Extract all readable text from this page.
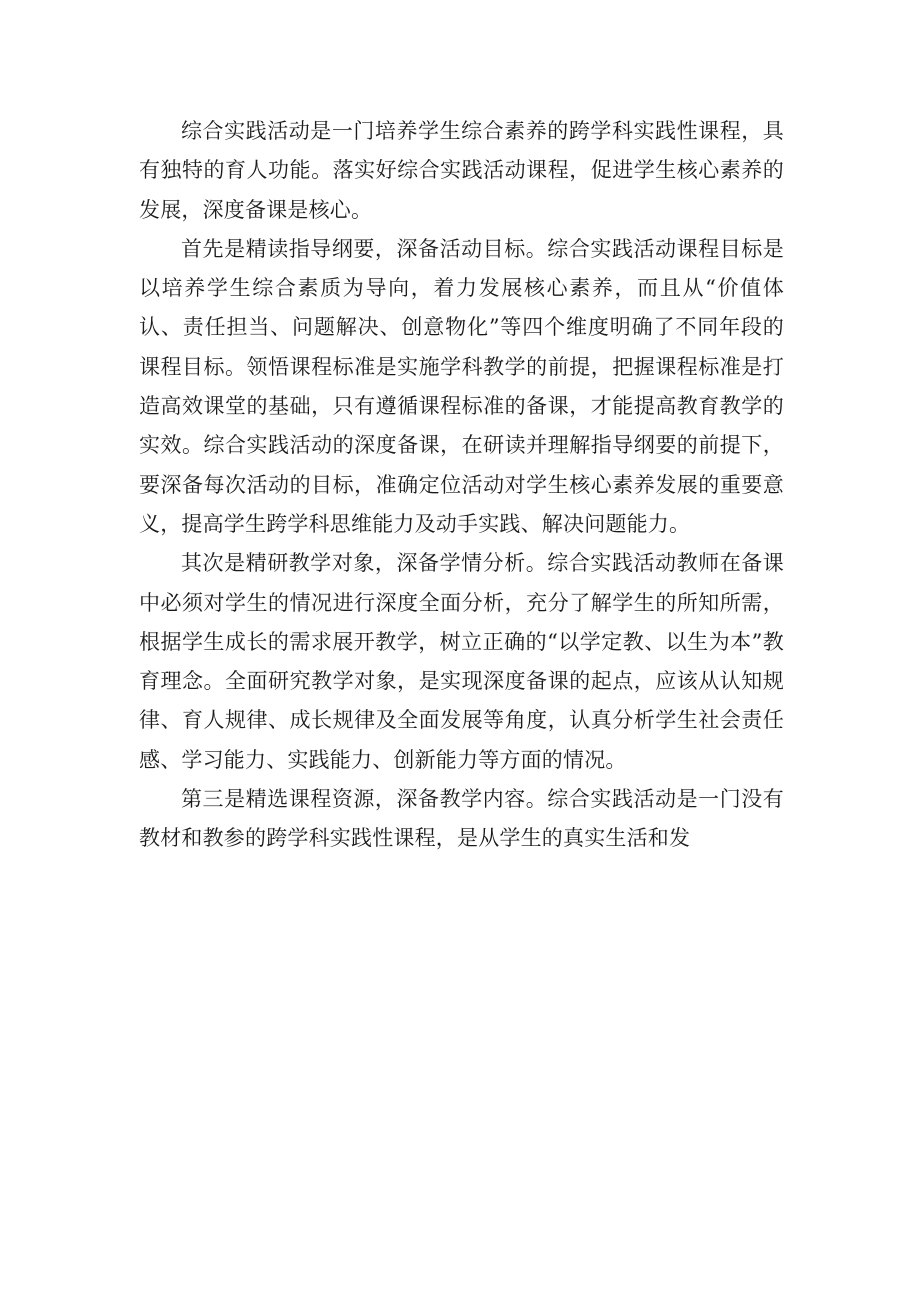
综合实践活动是一门培养学生综合素养的跨学科实践性课程，具有独特的育人功能。落实好综合实践活动课程，促进学生核心素养的发展，深度备课是核心。

首先是精读指导纲要，深备活动目标。综合实践活动课程目标是以培养学生综合素质为导向，着力发展核心素养，而且从“价值体认、责任担当、问题解决、创意物化”等四个维度明确了不同年段的课程目标。领悟课程标准是实施学科教学的前提，把握课程标准是打造高效课堂的基础，只有遵循课程标准的备课，才能提高教育教学的实效。综合实践活动的深度备课，在研读并理解指导纲要的前提下，要深备每次活动的目标，准确定位活动对学生核心素养发展的重要意义，提高学生跨学科思维能力及动手实践、解决问题能力。

其次是精研教学对象，深备学情分析。综合实践活动教师在备课中必须对学生的情况进行深度全面分析，充分了解学生的所知所需，根据学生成长的需求展开教学，树立正确的“以学定教、以生为本”教育理念。全面研究教学对象，是实现深度备课的起点，应该从认知规律、育人规律、成长规律及全面发展等角度，认真分析学生社会责任感、学习能力、实践能力、创新能力等方面的情况。

第三是精选课程资源，深备教学内容。综合实践活动是一门没有教材和教参的跨学科实践性课程，是从学生的真实生活和发
